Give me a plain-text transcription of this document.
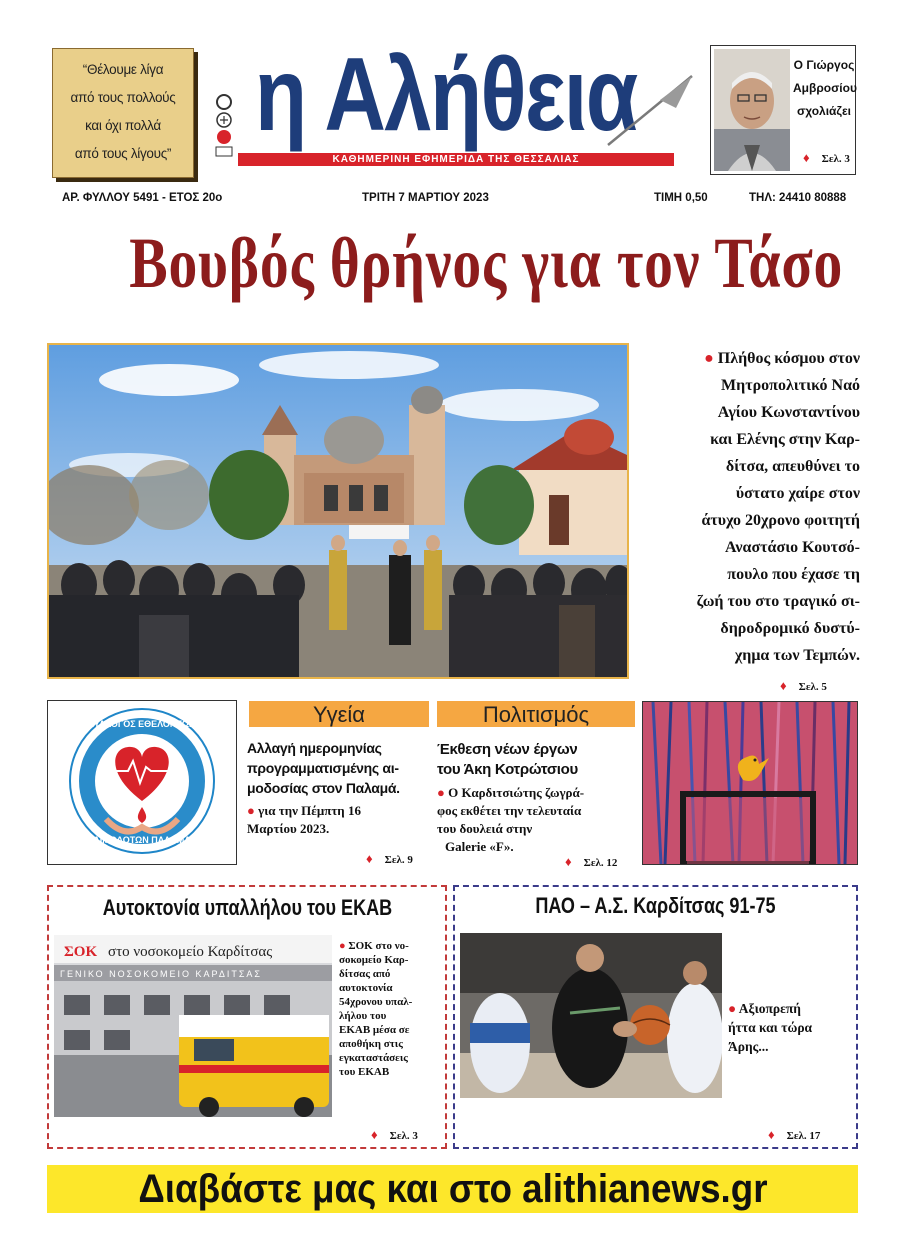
“Θέλουμε λίγα
από τους πολλούς
και όχι πολλά
από τους λίγους”
η Αλήθεια
ΚΑΘΗΜΕΡΙΝΗ ΕΦΗΜΕΡΙΔΑ ΤΗΣ ΘΕΣΣΑΛΙΑΣ
Ο Γιώργος
Αμβροσίου
σχολιάζει
♦ Σελ. 3
ΑΡ. ΦΥΛΛΟΥ 5491 - ΕΤΟΣ 20ο	ΤΡΙΤΗ 7 ΜΑΡΤΙΟΥ 2023	ΤΙΜΗ 0,50	ΤΗΛ: 24410 80888
Βουβός θρήνος για τον Τάσο
● Πλήθος κόσμου στον
Μητροπολιτικό Ναό
Αγίου Κωνσταντίνου
και Ελένης στην Καρ-
δίτσα, απευθύνει το
ύστατο χαίρε στον
άτυχο 20χρονο φοιτητή
Αναστάσιο Κουτσό-
πουλο που έχασε τη
ζωή του στο τραγικό σι-
δηροδρομικό δυστύ-
χημα των Τεμπών.
♦ Σελ. 5
ΣΥΛΛΟΓΟΣ ΕΘΕΛΟΝΤΩΝ
ΑΙΜΟΔΟΤΩΝ ΠΑΛΑΜΑ
Υγεία
Αλλαγή ημερομηνίας
προγραμματισμένης αι-
μοδοσίας στον Παλαμά.
● για την Πέμπτη 16
Μαρτίου 2023.
♦ Σελ. 9
Πολιτισμός
Έκθεση νέων έργων
του Άκη Κοτρώτσιου
● Ο Καρδιτσιώτης ζωγρά-
φος εκθέτει την τελευταία
του δουλειά στην
Galerie «F».
♦ Σελ. 12
Αυτοκτονία υπαλλήλου του ΕΚΑΒ
ΣΟΚ στο νοσοκομείο Καρδίτσας
ΓΕΝΙΚΟ ΝΟΣΟΚΟΜΕΙΟ ΚΑΡΔΙΤΣΑΣ
● ΣΟΚ στο νο-
σοκομείο Καρ-
δίτσας από
αυτοκτονία
54χρονου υπαλ-
λήλου του
ΕΚΑΒ μέσα σε
αποθήκη στις
εγκαταστάσεις
του ΕΚΑΒ
♦ Σελ. 3
ΠΑΟ – Α.Σ. Καρδίτσας 91-75
● Αξιοπρεπή
ήττα και τώρα
Άρης...
♦ Σελ. 17
Διαβάστε μας και στο alithianews.gr
